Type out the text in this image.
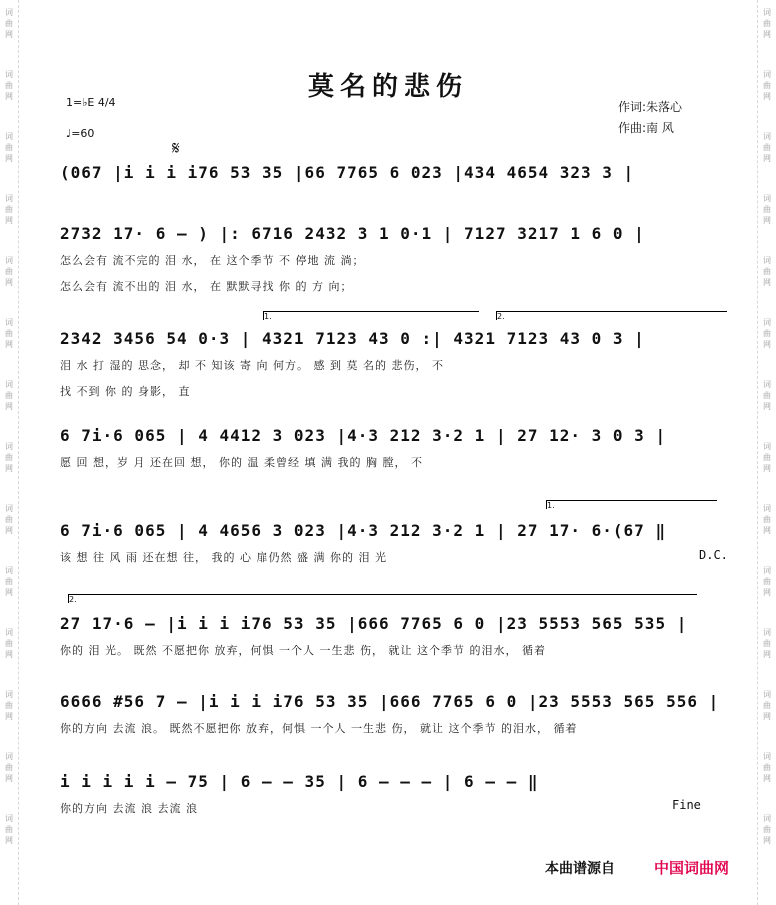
词
曲
网
词
曲
网
词
曲
网
词
曲
网
词
曲
网
词
曲
网
词
曲
网
词
曲
网
词
曲
网
词
曲
网
词
曲
网
词
曲
网
词
曲
网
词
曲
网
词
曲
网
词
曲
网
词
曲
网
词
曲
网
词
曲
网
词
曲
网
词
曲
网
词
曲
网
词
曲
网
词
曲
网
词
曲
网
词
曲
网
词
曲
网
词
曲
网
莫名的悲伤
作词:朱落心
作曲:南 风
1=♭E 4/4
♩=60
𝄋
(067 |i i i i76 53 35 |66 7765 6 023 |434 4654 323 3 |
2732 17· 6 – ) |: 6716 2432 3 1 0·1 | 7127 3217 1 6 0 |
怎么会有 流不完的 泪 水， 在 这个季节 不 停地 流 淌；
怎么会有 流不出的 泪 水， 在 默默寻找 你 的 方 向；
2342 3456 54 0·3 | 4321 7123 43 0 :| 4321 7123 43 0 3 |
泪 水 打 湿的 思念， 却 不 知该 寄 向 何方。 感 到 莫 名的 悲伤， 不
找 不到 你 的 身影， 直
6 7i·6 065 | 4 4412 3 023 |4·3 212 3·2 1 | 27 12· 3 0 3 |
愿 回 想，岁 月 还在回 想， 你的 温 柔曾经 填 满 我的 胸 膛， 不
6 7i·6 065 | 4 4656 3 023 |4·3 212 3·2 1 | 27 17· 6·(67 ‖
该 想 往 风 雨 还在想 往， 我的 心 扉仍然 盛 满 你的 泪 光
27 17·6 – |i i i i76 53 35 |666 7765 6 0 |23 5553 565 535 |
你的 泪 光。 既然 不愿把你 放弃，何惧 一个人 一生悲 伤， 就让 这个季节 的泪水， 循着
6666 #56 7 – |i i i i76 53 35 |666 7765 6 0 |23 5553 565 556 |
你的方向 去流 浪。 既然不愿把你 放弃，何惧 一个人 一生悲 伤， 就让 这个季节 的泪水， 循着
i i i i i – 75 | 6 – – 35 | 6 – – – | 6 – – ‖
你的方向 去流 浪 去流 浪
1.	2.
1.
2.
D.C.
Fine
本曲谱源自	中国词曲网
